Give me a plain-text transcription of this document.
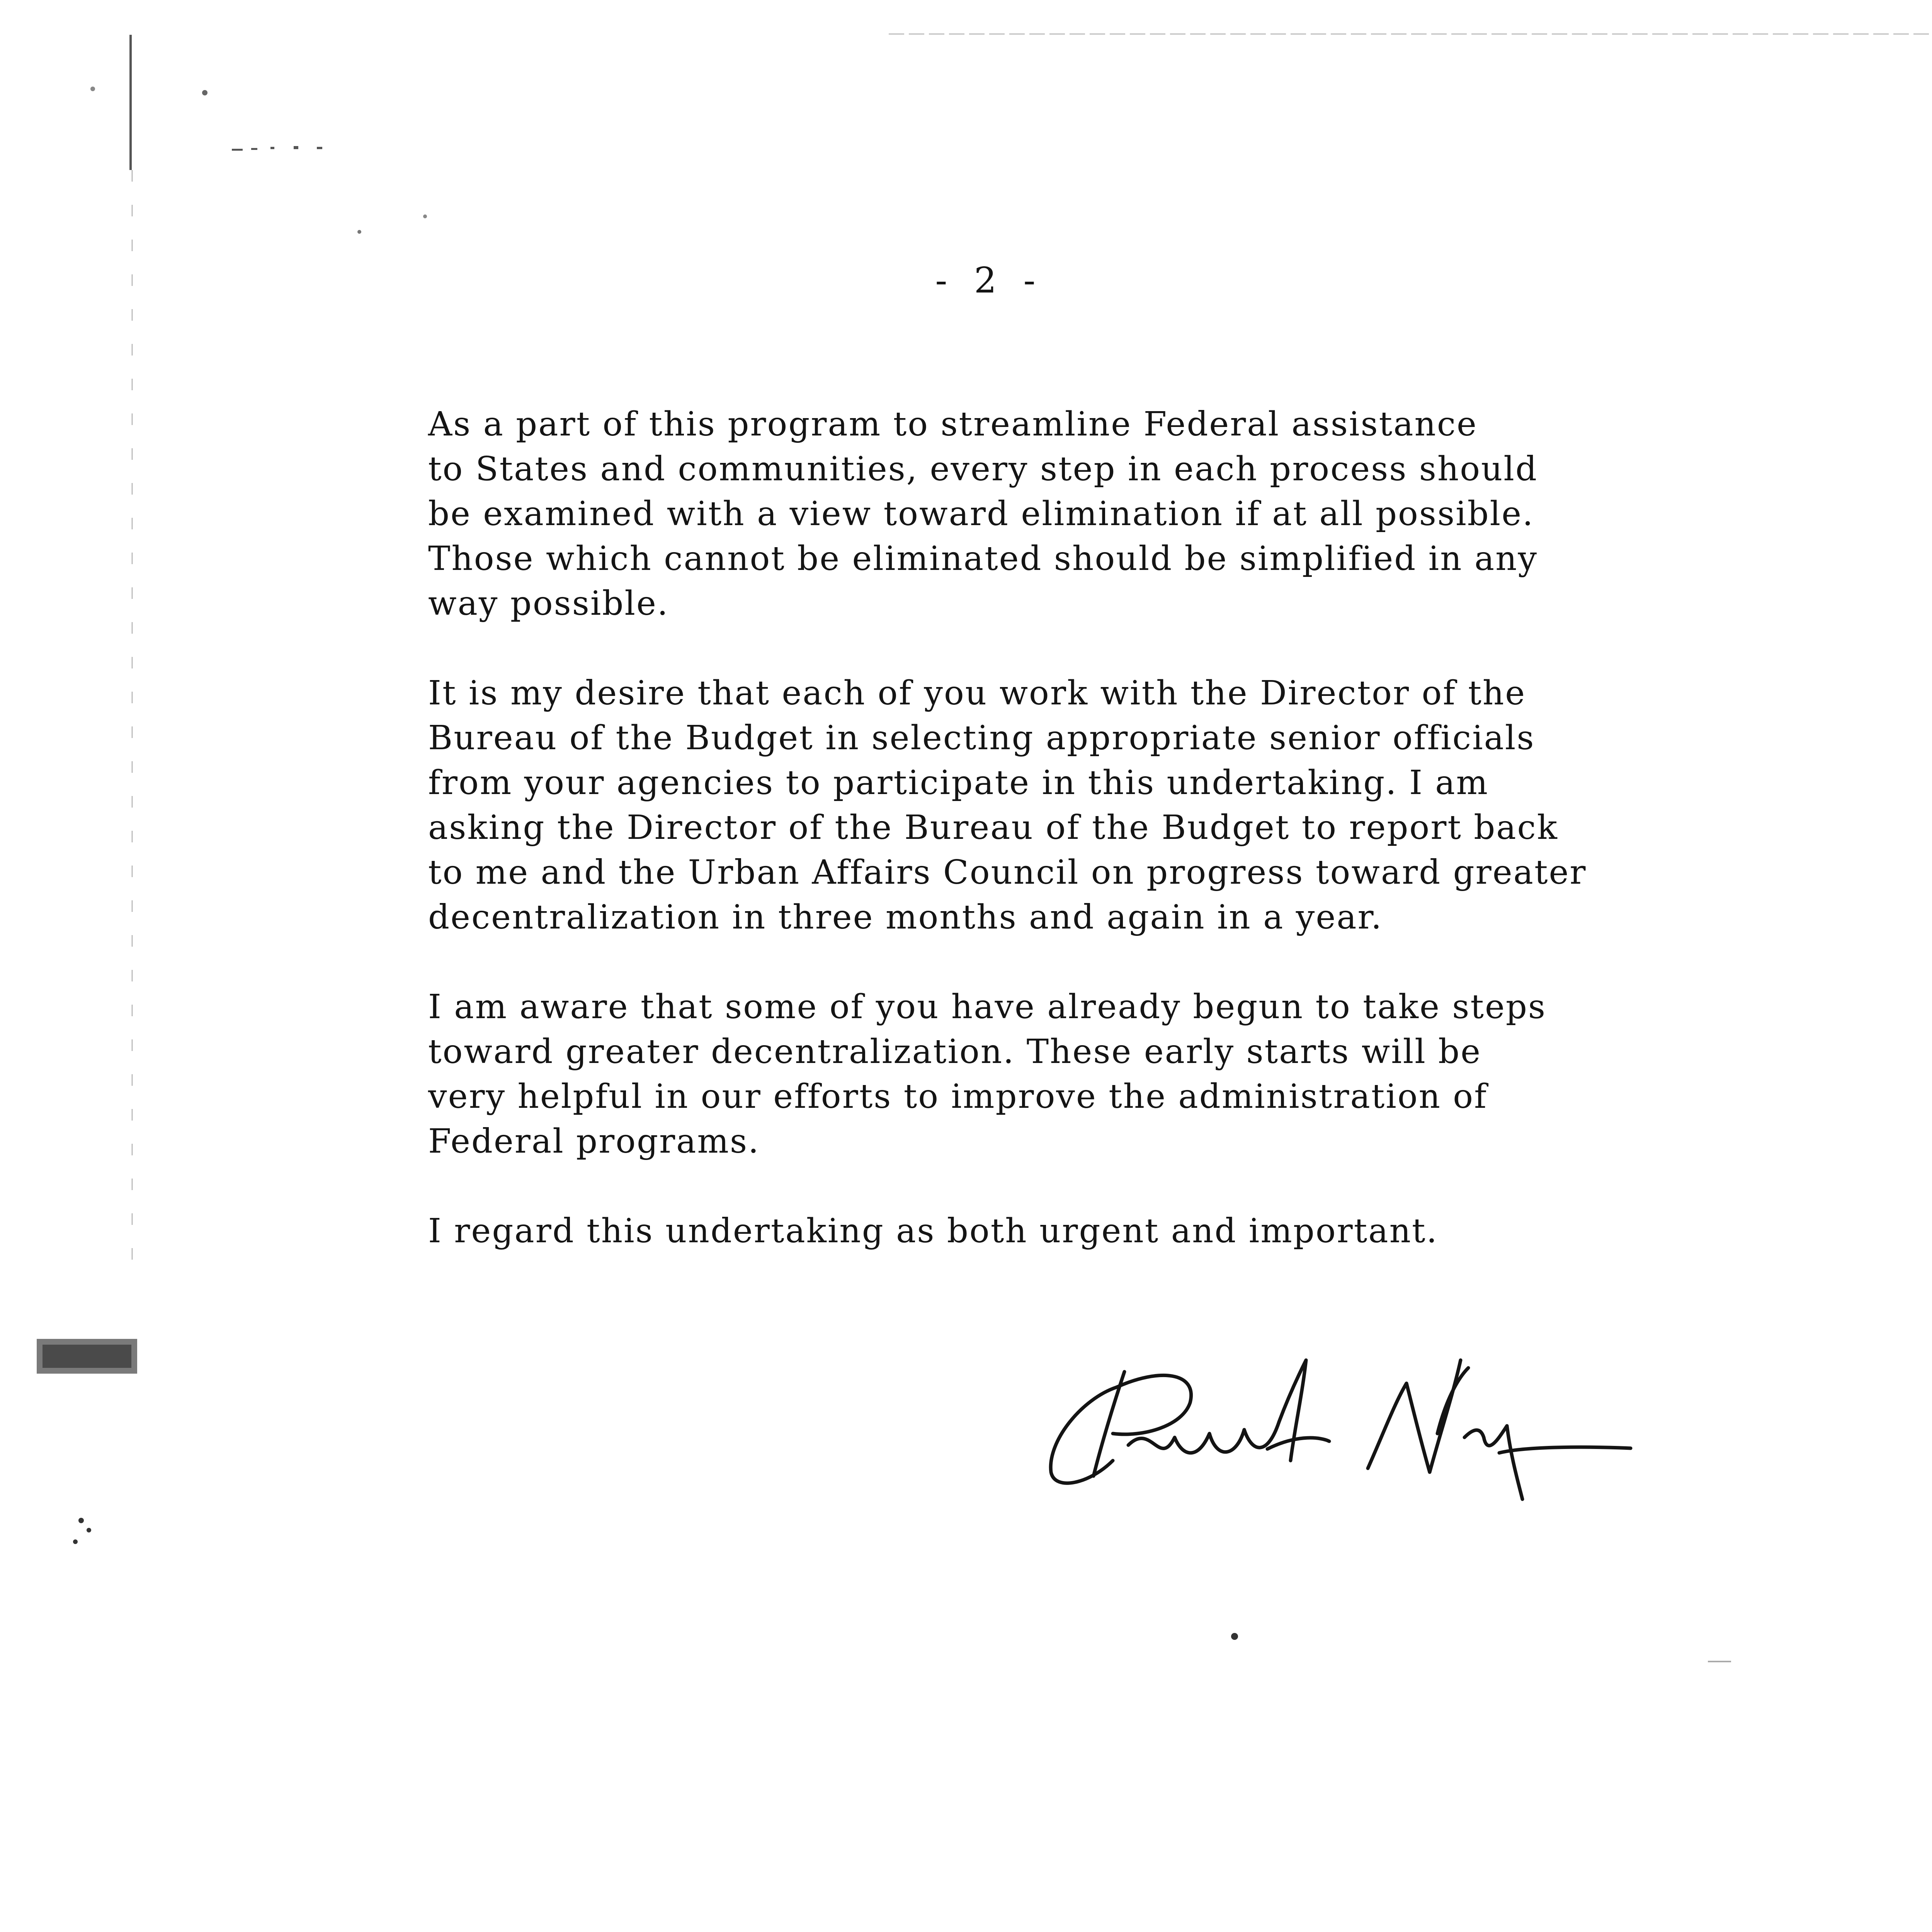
- 2 -

As a part of this program to streamline Federal assistance
to States and communities, every step in each process should
be examined with a view toward elimination if at all possible.
Those which cannot be eliminated should be simplified in any
way possible.

It is my desire that each of you work with the Director of the
Bureau of the Budget in selecting appropriate senior officials
from your agencies to participate in this undertaking. I am
asking the Director of the Bureau of the Budget to report back
to me and the Urban Affairs Council on progress toward greater
decentralization in three months and again in a year.

I am aware that some of you have already begun to take steps
toward greater decentralization. These early starts will be
very helpful in our efforts to improve the administration of
Federal programs.

I regard this undertaking as both urgent and important.
